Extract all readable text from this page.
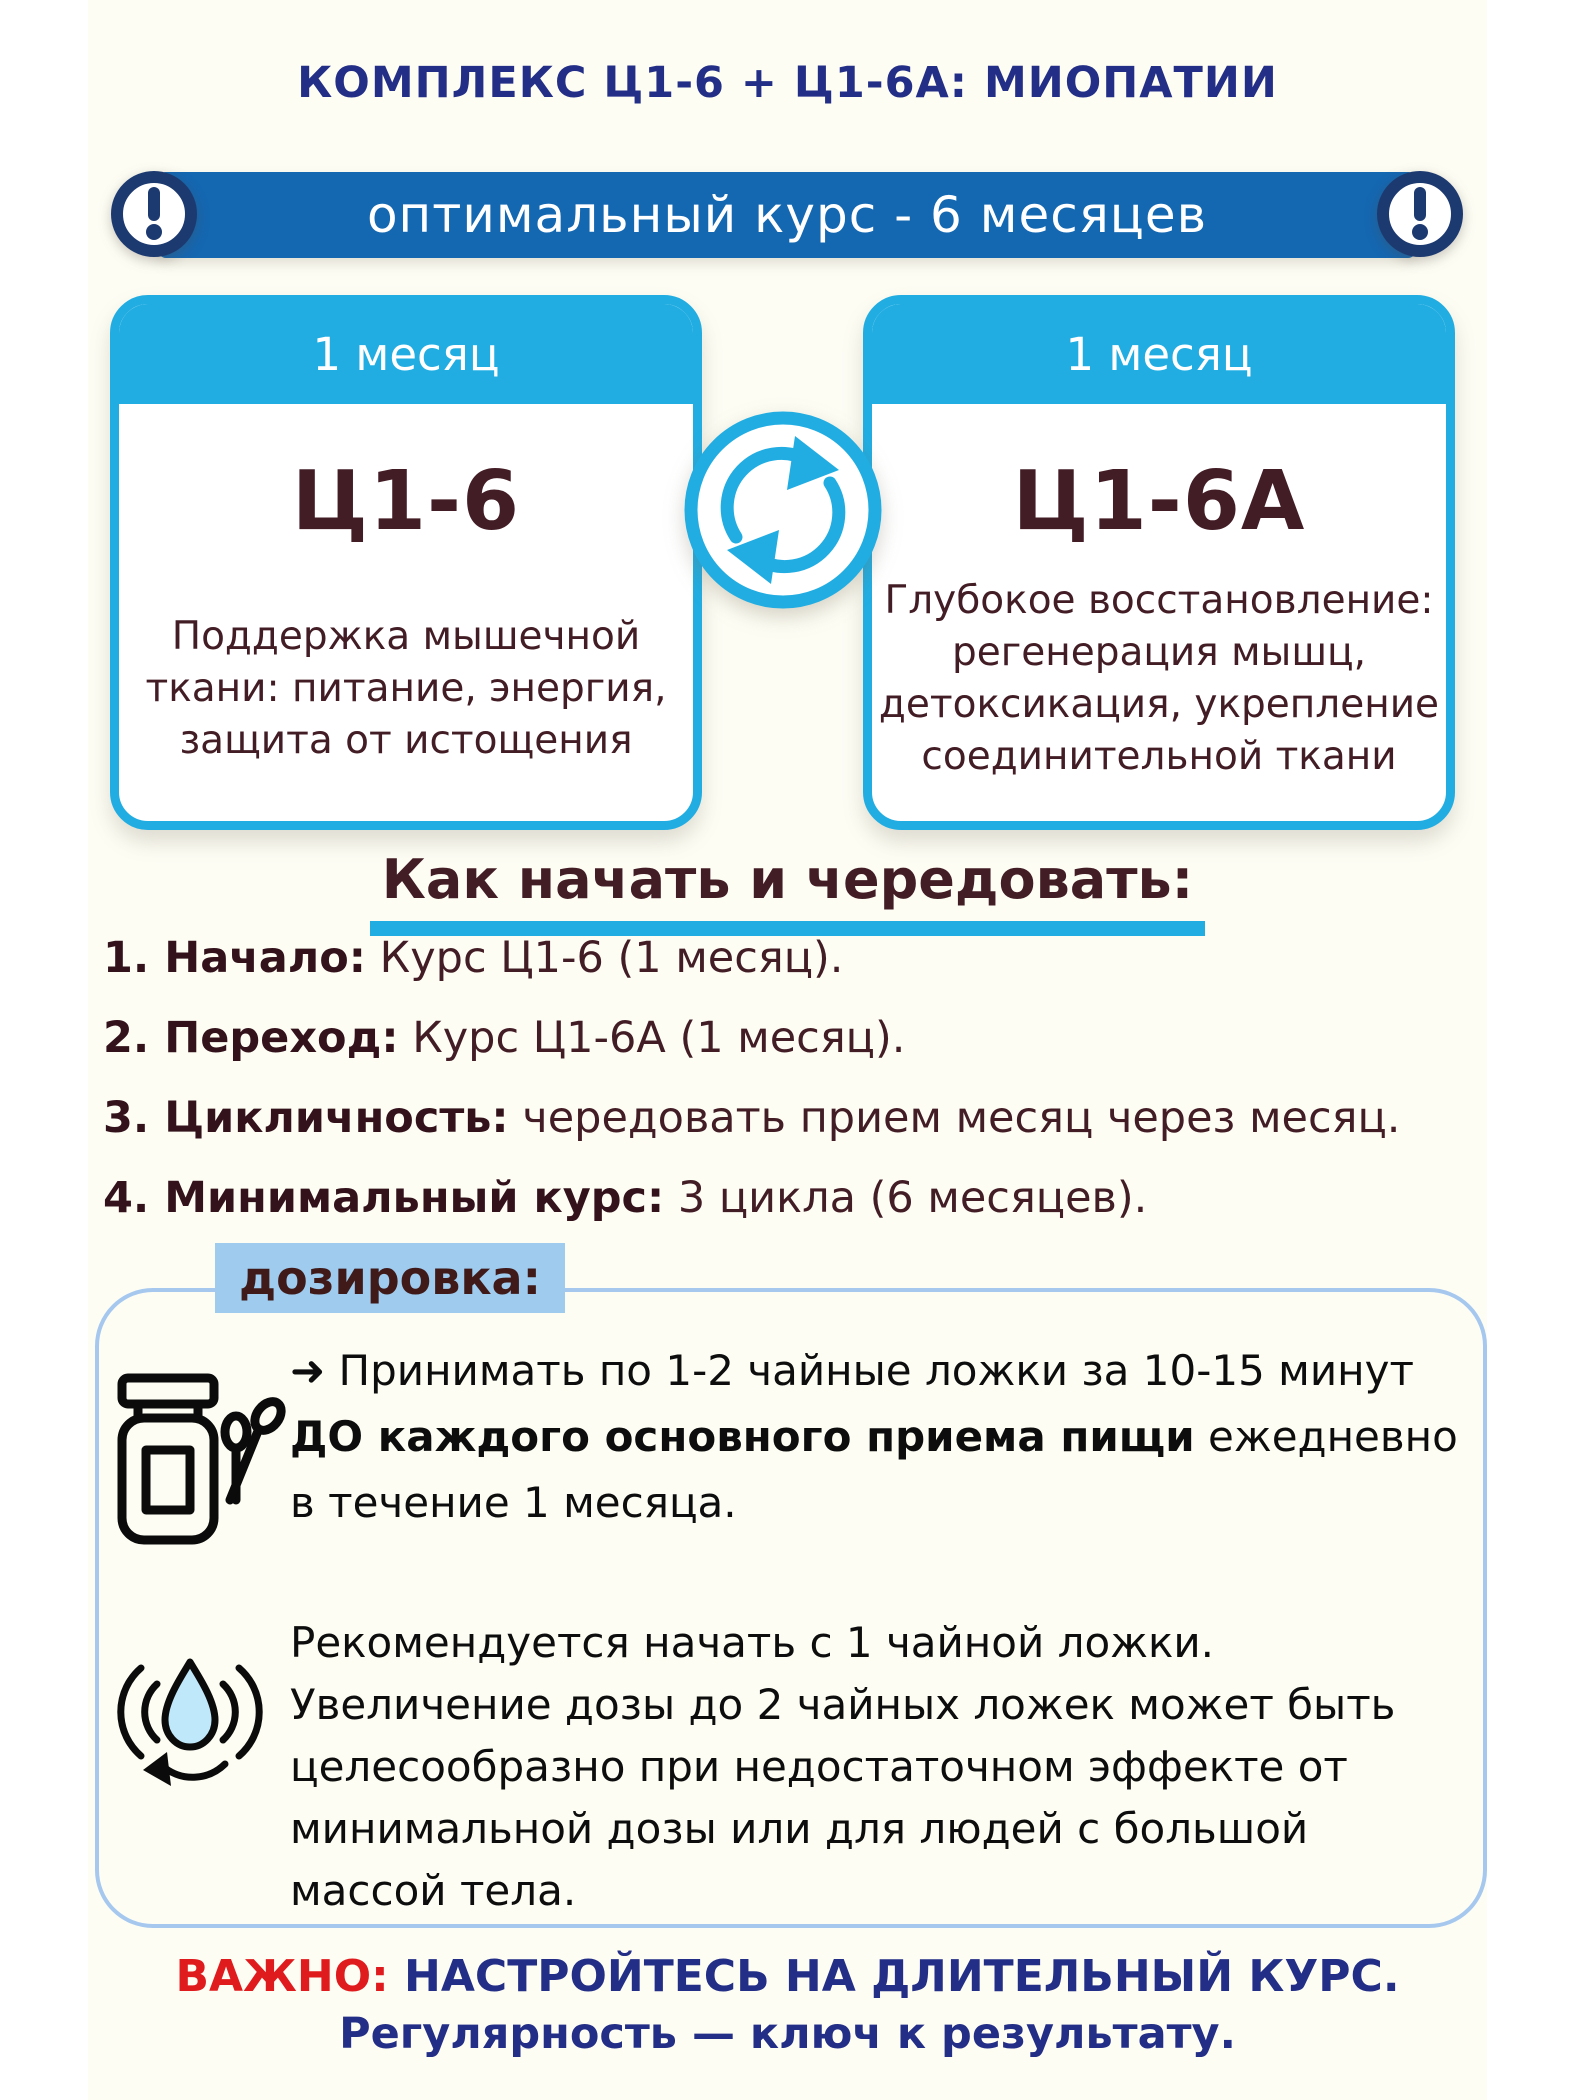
КОМПЛЕКС Ц1-6 + Ц1-6А: МИОПАТИИ
оптимальный курс - 6 месяцев
1 месяц
Ц1-6
Поддержка мышечной ткани: питание, энергия, защита от истощения
1 месяц
Ц1-6А
Глубокое восстановление: регенерация мышц, детоксикация, укрепление соединительной ткани
Как начать и чередовать:
1. Начало: Курс Ц1-6 (1 месяц).
2. Переход: Курс Ц1-6А (1 месяц).
3. Цикличность: чередовать прием месяц через месяц.
4. Минимальный курс: 3 цикла (6 месяцев).
дозировка:

➜ Принимать по 1-2 чайные ложки за 10-15 минут ДО каждого основного приема пищи ежедневно в течение 1 месяца.

Рекомендуется начать с 1 чайной ложки. Увеличение дозы до 2 чайных ложек может быть целесообразно при недостаточном эффекте от минимальной дозы или для людей с большой массой тела.

ВАЖНО: НАСТРОЙТЕСЬ НА ДЛИТЕЛЬНЫЙ КУРС.
Регулярность — ключ к результату.
